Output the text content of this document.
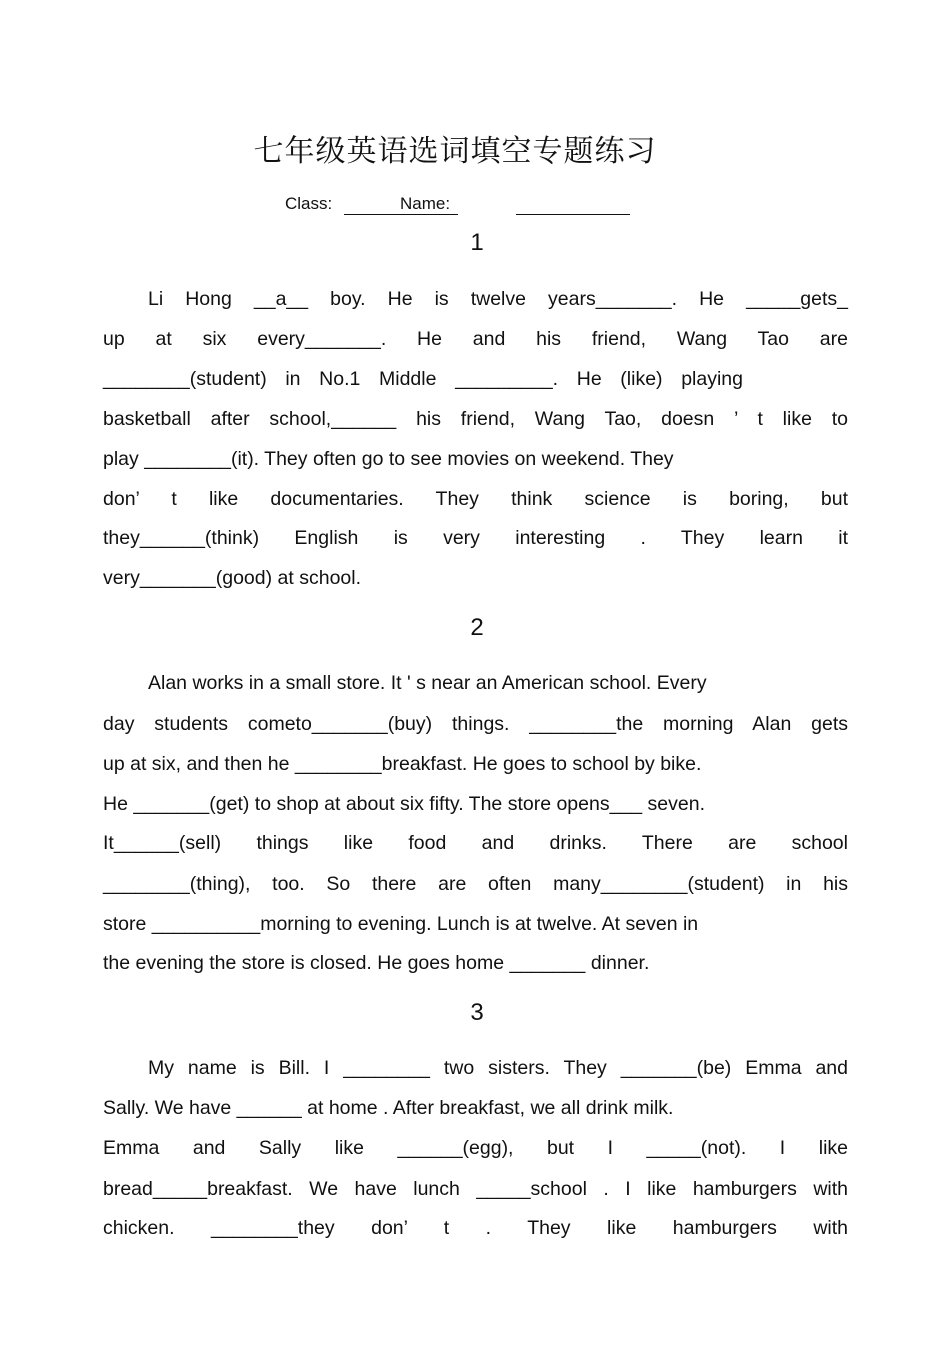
七年级英语选词填空专题练习
Class:	Name:
1
Li Hong __a__ boy. He is twelve years_______. He _____gets_
up at six every_______. He and his friend, Wang Tao are
________(student) in No.1 Middle _________. He (like) playing
basketball after school,______ his friend, Wang Tao, doesn ’ t like to
play ________(it). They often go to see movies on weekend. They
don’ t like documentaries. They think science is boring, but
they______(think) English is very interesting . They learn it
very_______(good) at school.
2
Alan works in a small store. It ' s near an American school. Every
day students cometo_______(buy) things. ________the morning Alan gets
up at six, and then he ________breakfast. He goes to school by bike.
He _______(get) to shop at about six fifty. The store opens___ seven.
It______(sell) things like food and drinks. There are school
________(thing), too. So there are often many________(student) in his
store __________morning to evening. Lunch is at twelve. At seven in
the evening the store is closed. He goes home _______ dinner.
3
My name is Bill. I ________ two sisters. They _______(be) Emma and
Sally. We have ______ at home . After breakfast, we all drink milk.
Emma and Sally like ______(egg), but I _____(not). I like
bread_____breakfast. We have lunch _____school . I like hamburgers with
chicken. ________they don’ t . They like hamburgers with
